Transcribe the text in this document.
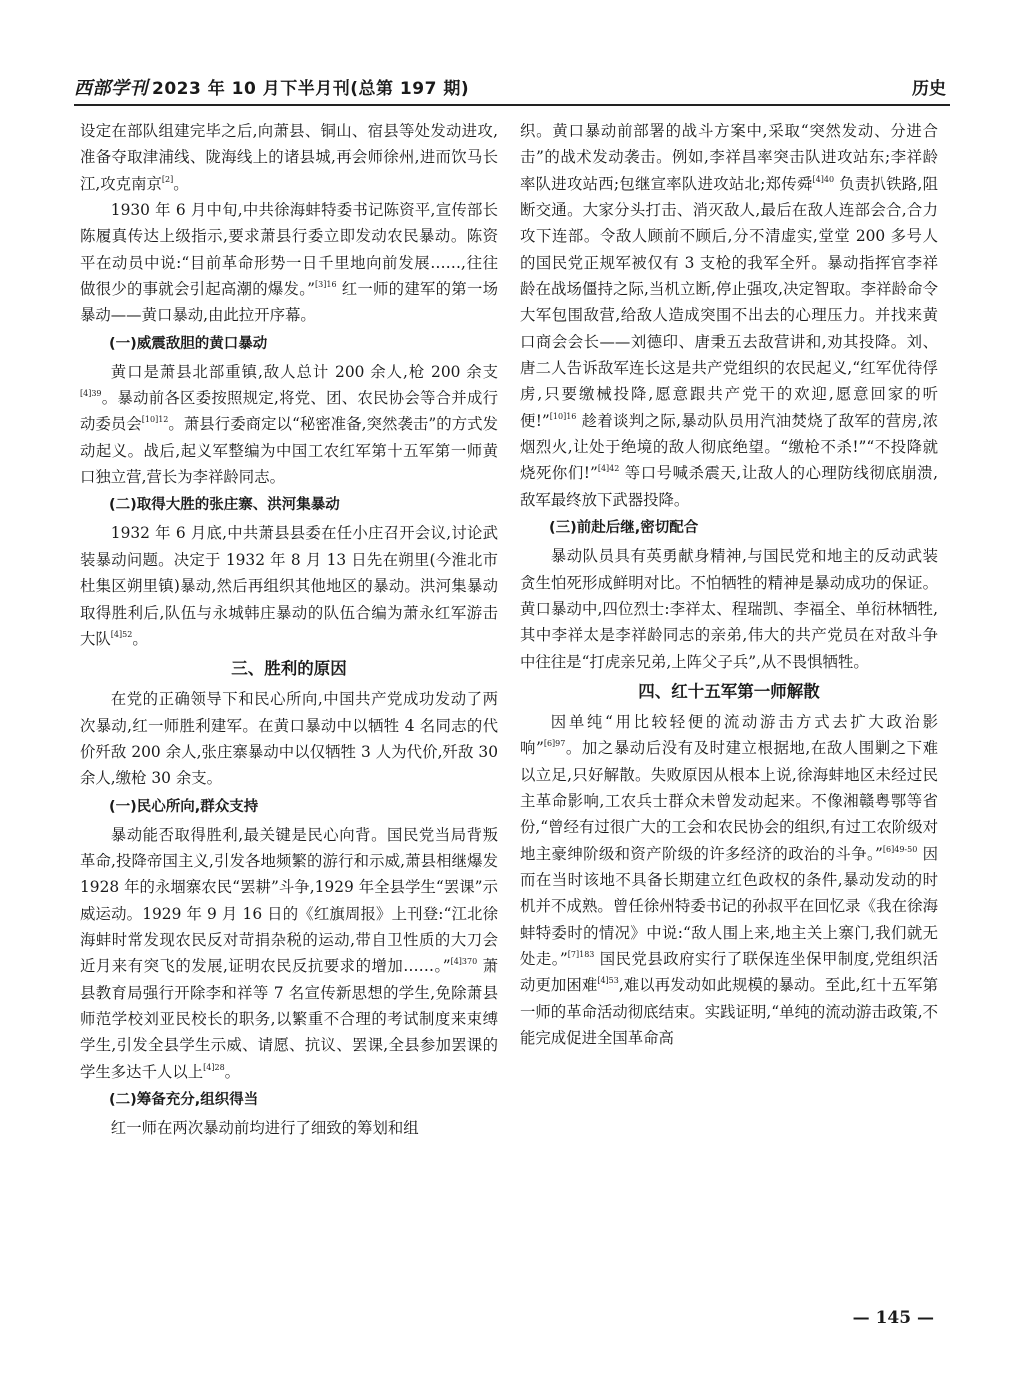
西部学刊 2023 年 10 月下半月刊(总第 197 期)	历史

设定在部队组建完毕之后,向萧县、铜山、宿县等处发动进攻,准备夺取津浦线、陇海线上的诸县城,再会师徐州,进而饮马长江,攻克南京[2]。

1930 年 6 月中旬,中共徐海蚌特委书记陈资平,宣传部长陈履真传达上级指示,要求萧县行委立即发动农民暴动。陈资平在动员中说:“目前革命形势一日千里地向前发展……,往往做很少的事就会引起高潮的爆发。”$^{[3]16}$ 红一师的建军的第一场暴动——黄口暴动,由此拉开序幕。

(一)威震敌胆的黄口暴动

黄口是萧县北部重镇,敌人总计 200 余人,枪 200 余支$^{[4]39}$。暴动前各区委按照规定,将党、团、农民协会等合并成行动委员会$^{[10]12}$。萧县行委商定以“秘密准备,突然袭击”的方式发动起义。战后,起义军整编为中国工农红军第十五军第一师黄口独立营,营长为李祥龄同志。

(二)取得大胜的张庄寨、洪河集暴动

1932 年 6 月底,中共萧县县委在任小庄召开会议,讨论武装暴动问题。决定于 1932 年 8 月 13 日先在朔里(今淮北市杜集区朔里镇)暴动,然后再组织其他地区的暴动。洪河集暴动取得胜利后,队伍与永城韩庄暴动的队伍合编为萧永红军游击大队$^{[4]52}$。

三、胜利的原因

在党的正确领导下和民心所向,中国共产党成功发动了两次暴动,红一师胜利建军。在黄口暴动中以牺牲 4 名同志的代价歼敌 200 余人,张庄寨暴动中以仅牺牲 3 人为代价,歼敌 30 余人,缴枪 30 余支。

(一)民心所向,群众支持

暴动能否取得胜利,最关键是民心向背。国民党当局背叛革命,投降帝国主义,引发各地频繁的游行和示威,萧县相继爆发 1928 年的永堌寨农民“罢耕”斗争,1929 年全县学生“罢课”示威运动。1929 年 9 月 16 日的《红旗周报》上刊登:“江北徐海蚌时常发现农民反对苛捐杂税的运动,带自卫性质的大刀会近月来有突飞的发展,证明农民反抗要求的增加……。”$^{[4]370}$ 萧县教育局强行开除李和祥等 7 名宣传新思想的学生,免除萧县师范学校刘亚民校长的职务,以繁重不合理的考试制度来束缚学生,引发全县学生示威、请愿、抗议、罢课,全县参加罢课的学生多达千人以上$^{[4]28}$。

(二)筹备充分,组织得当

红一师在两次暴动前均进行了细致的筹划和组

织。黄口暴动前部署的战斗方案中,采取“突然发动、分进合击”的战术发动袭击。例如,李祥昌率突击队进攻站东;李祥龄率队进攻站西;包继宣率队进攻站北;郑传舜$^{[4]40}$ 负责扒铁路,阻断交通。大家分头打击、消灭敌人,最后在敌人连部会合,合力攻下连部。令敌人顾前不顾后,分不清虚实,堂堂 200 多号人的国民党正规军被仅有 3 支枪的我军全歼。暴动指挥官李祥龄在战场僵持之际,当机立断,停止强攻,决定智取。李祥龄命令大军包围敌营,给敌人造成突围不出去的心理压力。并找来黄口商会会长——刘德印、唐秉五去敌营讲和,劝其投降。刘、唐二人告诉敌军连长这是共产党组织的农民起义,“红军优待俘虏,只要缴械投降,愿意跟共产党干的欢迎,愿意回家的听便!”$^{[10]16}$ 趁着谈判之际,暴动队员用汽油焚烧了敌军的营房,浓烟烈火,让处于绝境的敌人彻底绝望。“缴枪不杀!”“不投降就烧死你们!”$^{[4]42}$ 等口号喊杀震天,让敌人的心理防线彻底崩溃,敌军最终放下武器投降。

(三)前赴后继,密切配合

暴动队员具有英勇献身精神,与国民党和地主的反动武装贪生怕死形成鲜明对比。不怕牺牲的精神是暴动成功的保证。黄口暴动中,四位烈士:李祥太、程瑞凯、李福全、单衍林牺牲,其中李祥太是李祥龄同志的亲弟,伟大的共产党员在对敌斗争中往往是“打虎亲兄弟,上阵父子兵”,从不畏惧牺牲。

四、红十五军第一师解散

因单纯“用比较轻便的流动游击方式去扩大政治影响”$^{[6]97}$。加之暴动后没有及时建立根据地,在敌人围剿之下难以立足,只好解散。失败原因从根本上说,徐海蚌地区未经过民主革命影响,工农兵士群众未曾发动起来。不像湘赣粤鄂等省份,“曾经有过很广大的工会和农民协会的组织,有过工农阶级对地主豪绅阶级和资产阶级的许多经济的政治的斗争。”$^{[6]49-50}$ 因而在当时该地不具备长期建立红色政权的条件,暴动发动的时机并不成熟。曾任徐州特委书记的孙叔平在回忆录《我在徐海蚌特委时的情况》中说:“敌人围上来,地主关上寨门,我们就无处走。”$^{[7]183}$ 国民党县政府实行了联保连坐保甲制度,党组织活动更加困难$^{[4]53}$,难以再发动如此规模的暴动。至此,红十五军第一师的革命活动彻底结束。实践证明,“单纯的流动游击政策,不能完成促进全国革命高

— 145 —
